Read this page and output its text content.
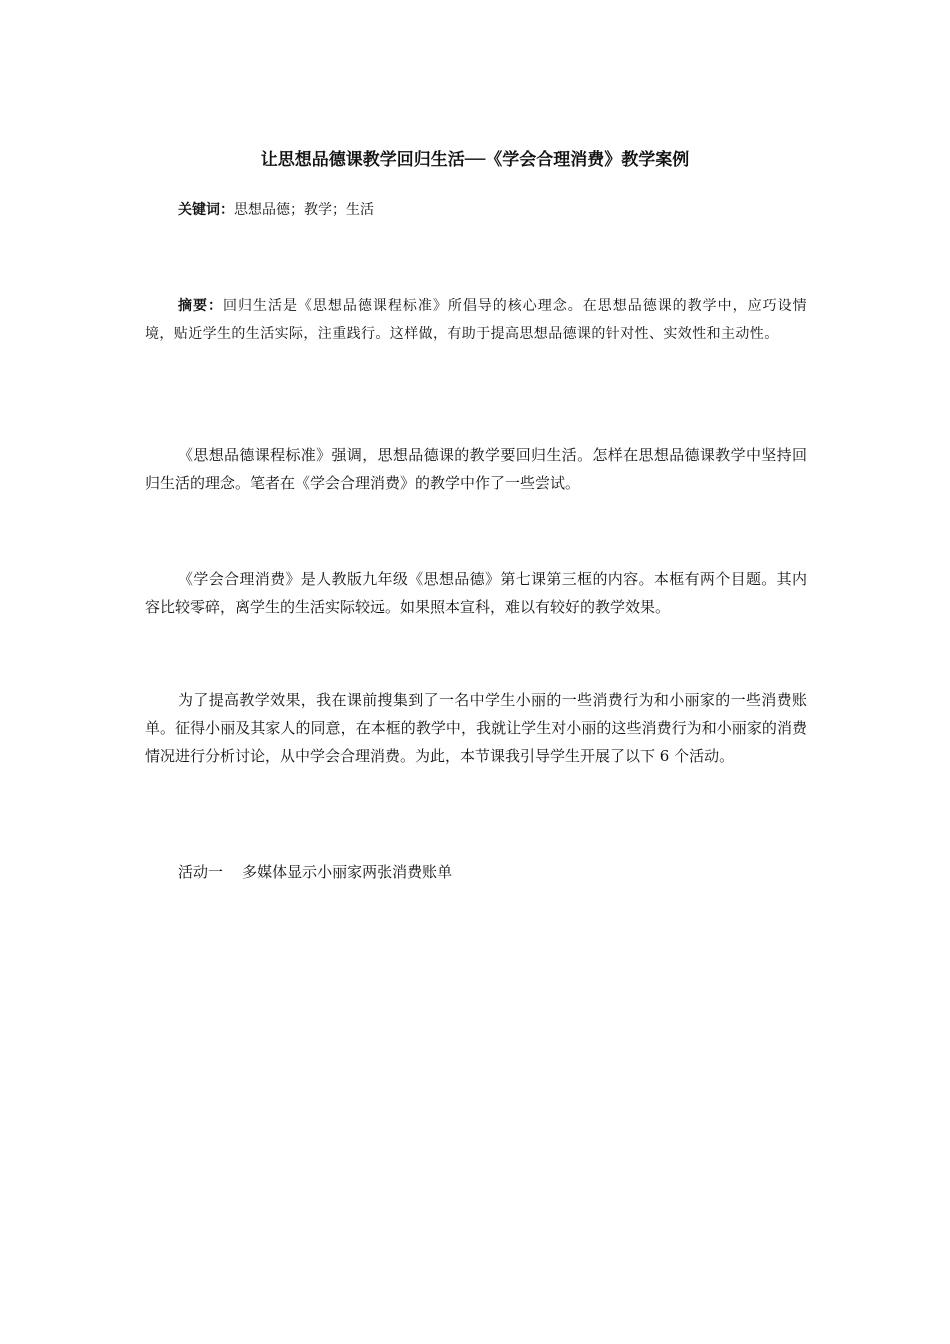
让思想品德课教学回归生活──《学会合理消费》教学案例
关键词：思想品德；教学；生活

摘要：回归生活是《思想品德课程标准》所倡导的核心理念。在思想品德课的教学中，应巧设情境，贴近学生的生活实际，注重践行。这样做，有助于提高思想品德课的针对性、实效性和主动性。

《思想品德课程标准》强调，思想品德课的教学要回归生活。怎样在思想品德课教学中坚持回归生活的理念。笔者在《学会合理消费》的教学中作了一些尝试。

《学会合理消费》是人教版九年级《思想品德》第七课第三框的内容。本框有两个目题。其内容比较零碎，离学生的生活实际较远。如果照本宣科，难以有较好的教学效果。

为了提高教学效果，我在课前搜集到了一名中学生小丽的一些消费行为和小丽家的一些消费账单。征得小丽及其家人的同意，在本框的教学中，我就让学生对小丽的这些消费行为和小丽家的消费情况进行分析讨论，从中学会合理消费。为此，本节课我引导学生开展了以下 6 个活动。

活动一    多媒体显示小丽家两张消费账单
